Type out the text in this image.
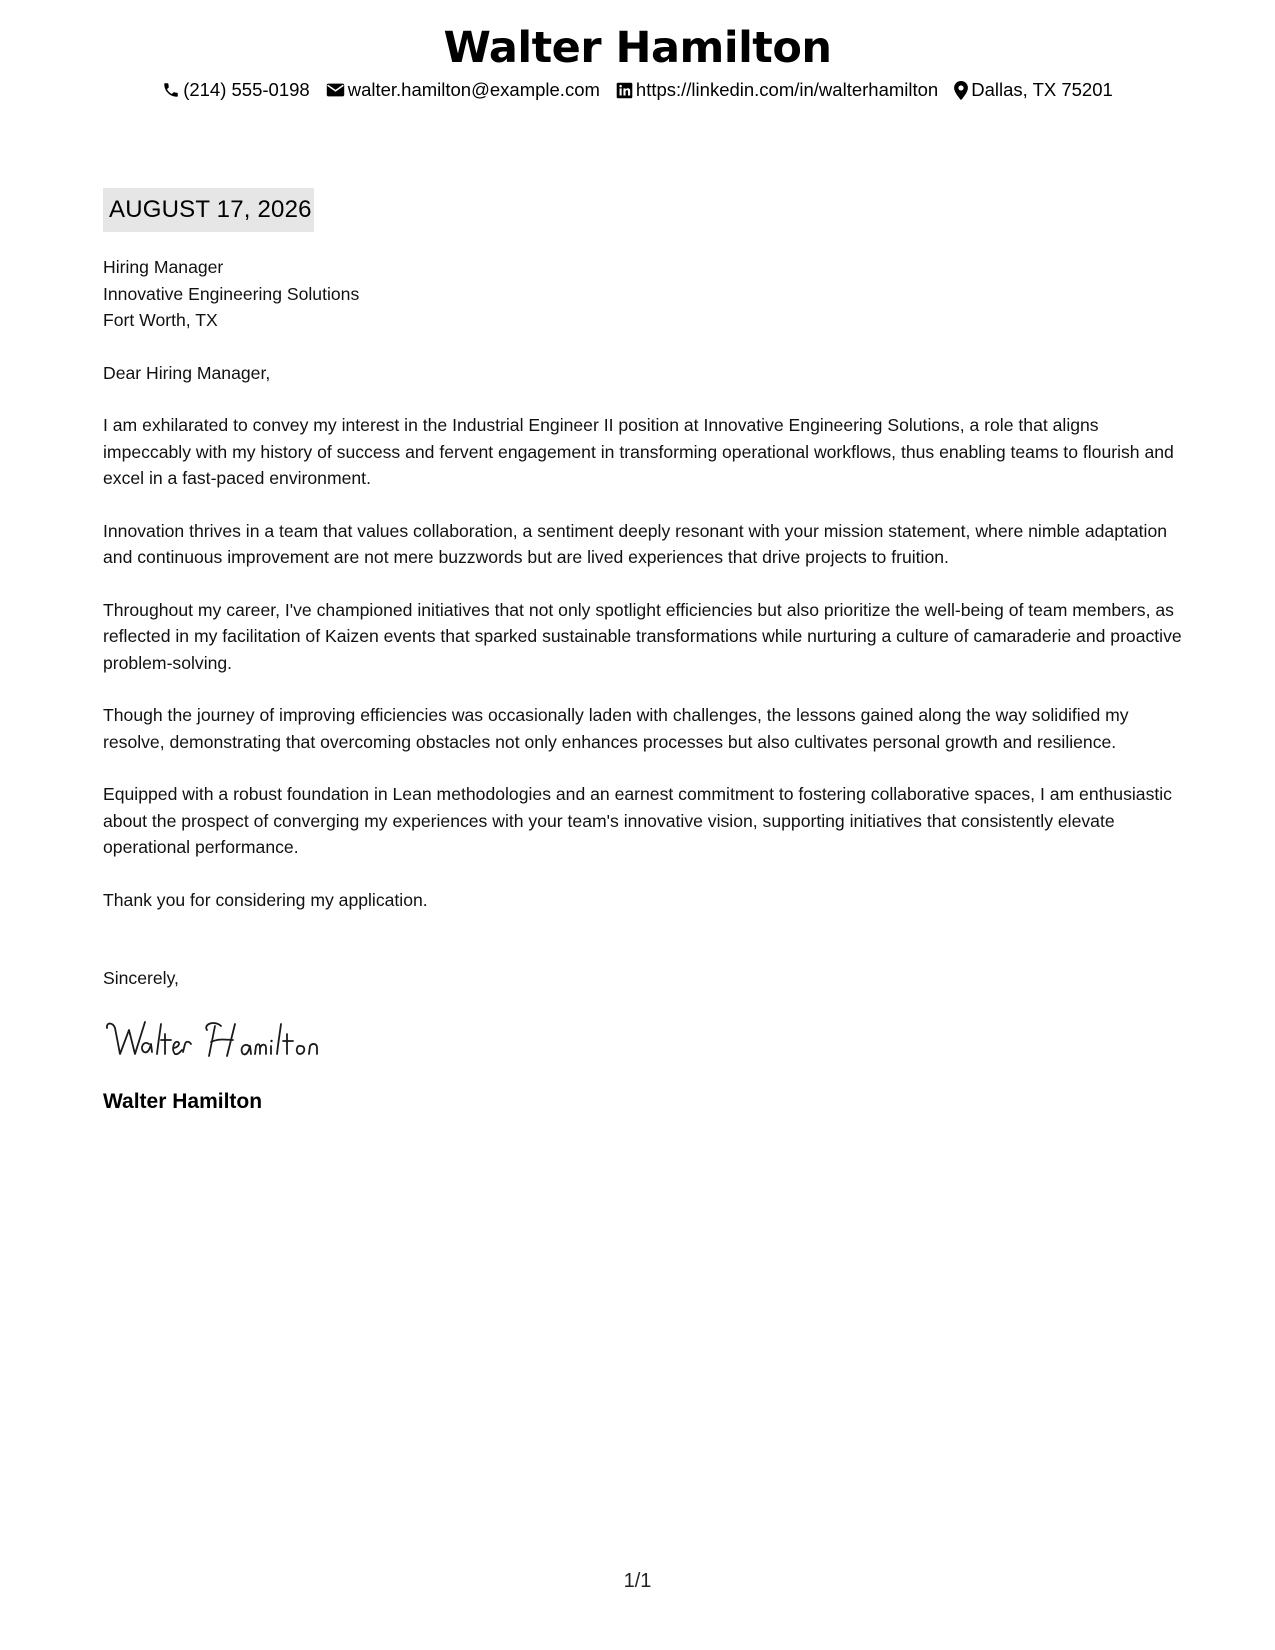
Walter Hamilton
(214) 555-0198 walter.hamilton@example.com https://linkedin.com/in/walterhamilton Dallas, TX 75201
AUGUST 17, 2026

Hiring Manager

Innovative Engineering Solutions

Fort Worth, TX

Dear Hiring Manager,

I am exhilarated to convey my interest in the Industrial Engineer II position at Innovative Engineering Solutions, a role that aligns impeccably with my history of success and fervent engagement in transforming operational workflows, thus enabling teams to flourish and excel in a fast-paced environment.

Innovation thrives in a team that values collaboration, a sentiment deeply resonant with your mission statement, where nimble adaptation and continuous improvement are not mere buzzwords but are lived experiences that drive projects to fruition.

Throughout my career, I've championed initiatives that not only spotlight efficiencies but also prioritize the well-being of team members, as reflected in my facilitation of Kaizen events that sparked sustainable transformations while nurturing a culture of camaraderie and proactive problem-solving.

Though the journey of improving efficiencies was occasionally laden with challenges, the lessons gained along the way solidified my resolve, demonstrating that overcoming obstacles not only enhances processes but also cultivates personal growth and resilience.

Equipped with a robust foundation in Lean methodologies and an earnest commitment to fostering collaborative spaces, I am enthusiastic about the prospect of converging my experiences with your team's innovative vision, supporting initiatives that consistently elevate operational performance.

Thank you for considering my application.

Sincerely,

Walter Hamilton
1/1
